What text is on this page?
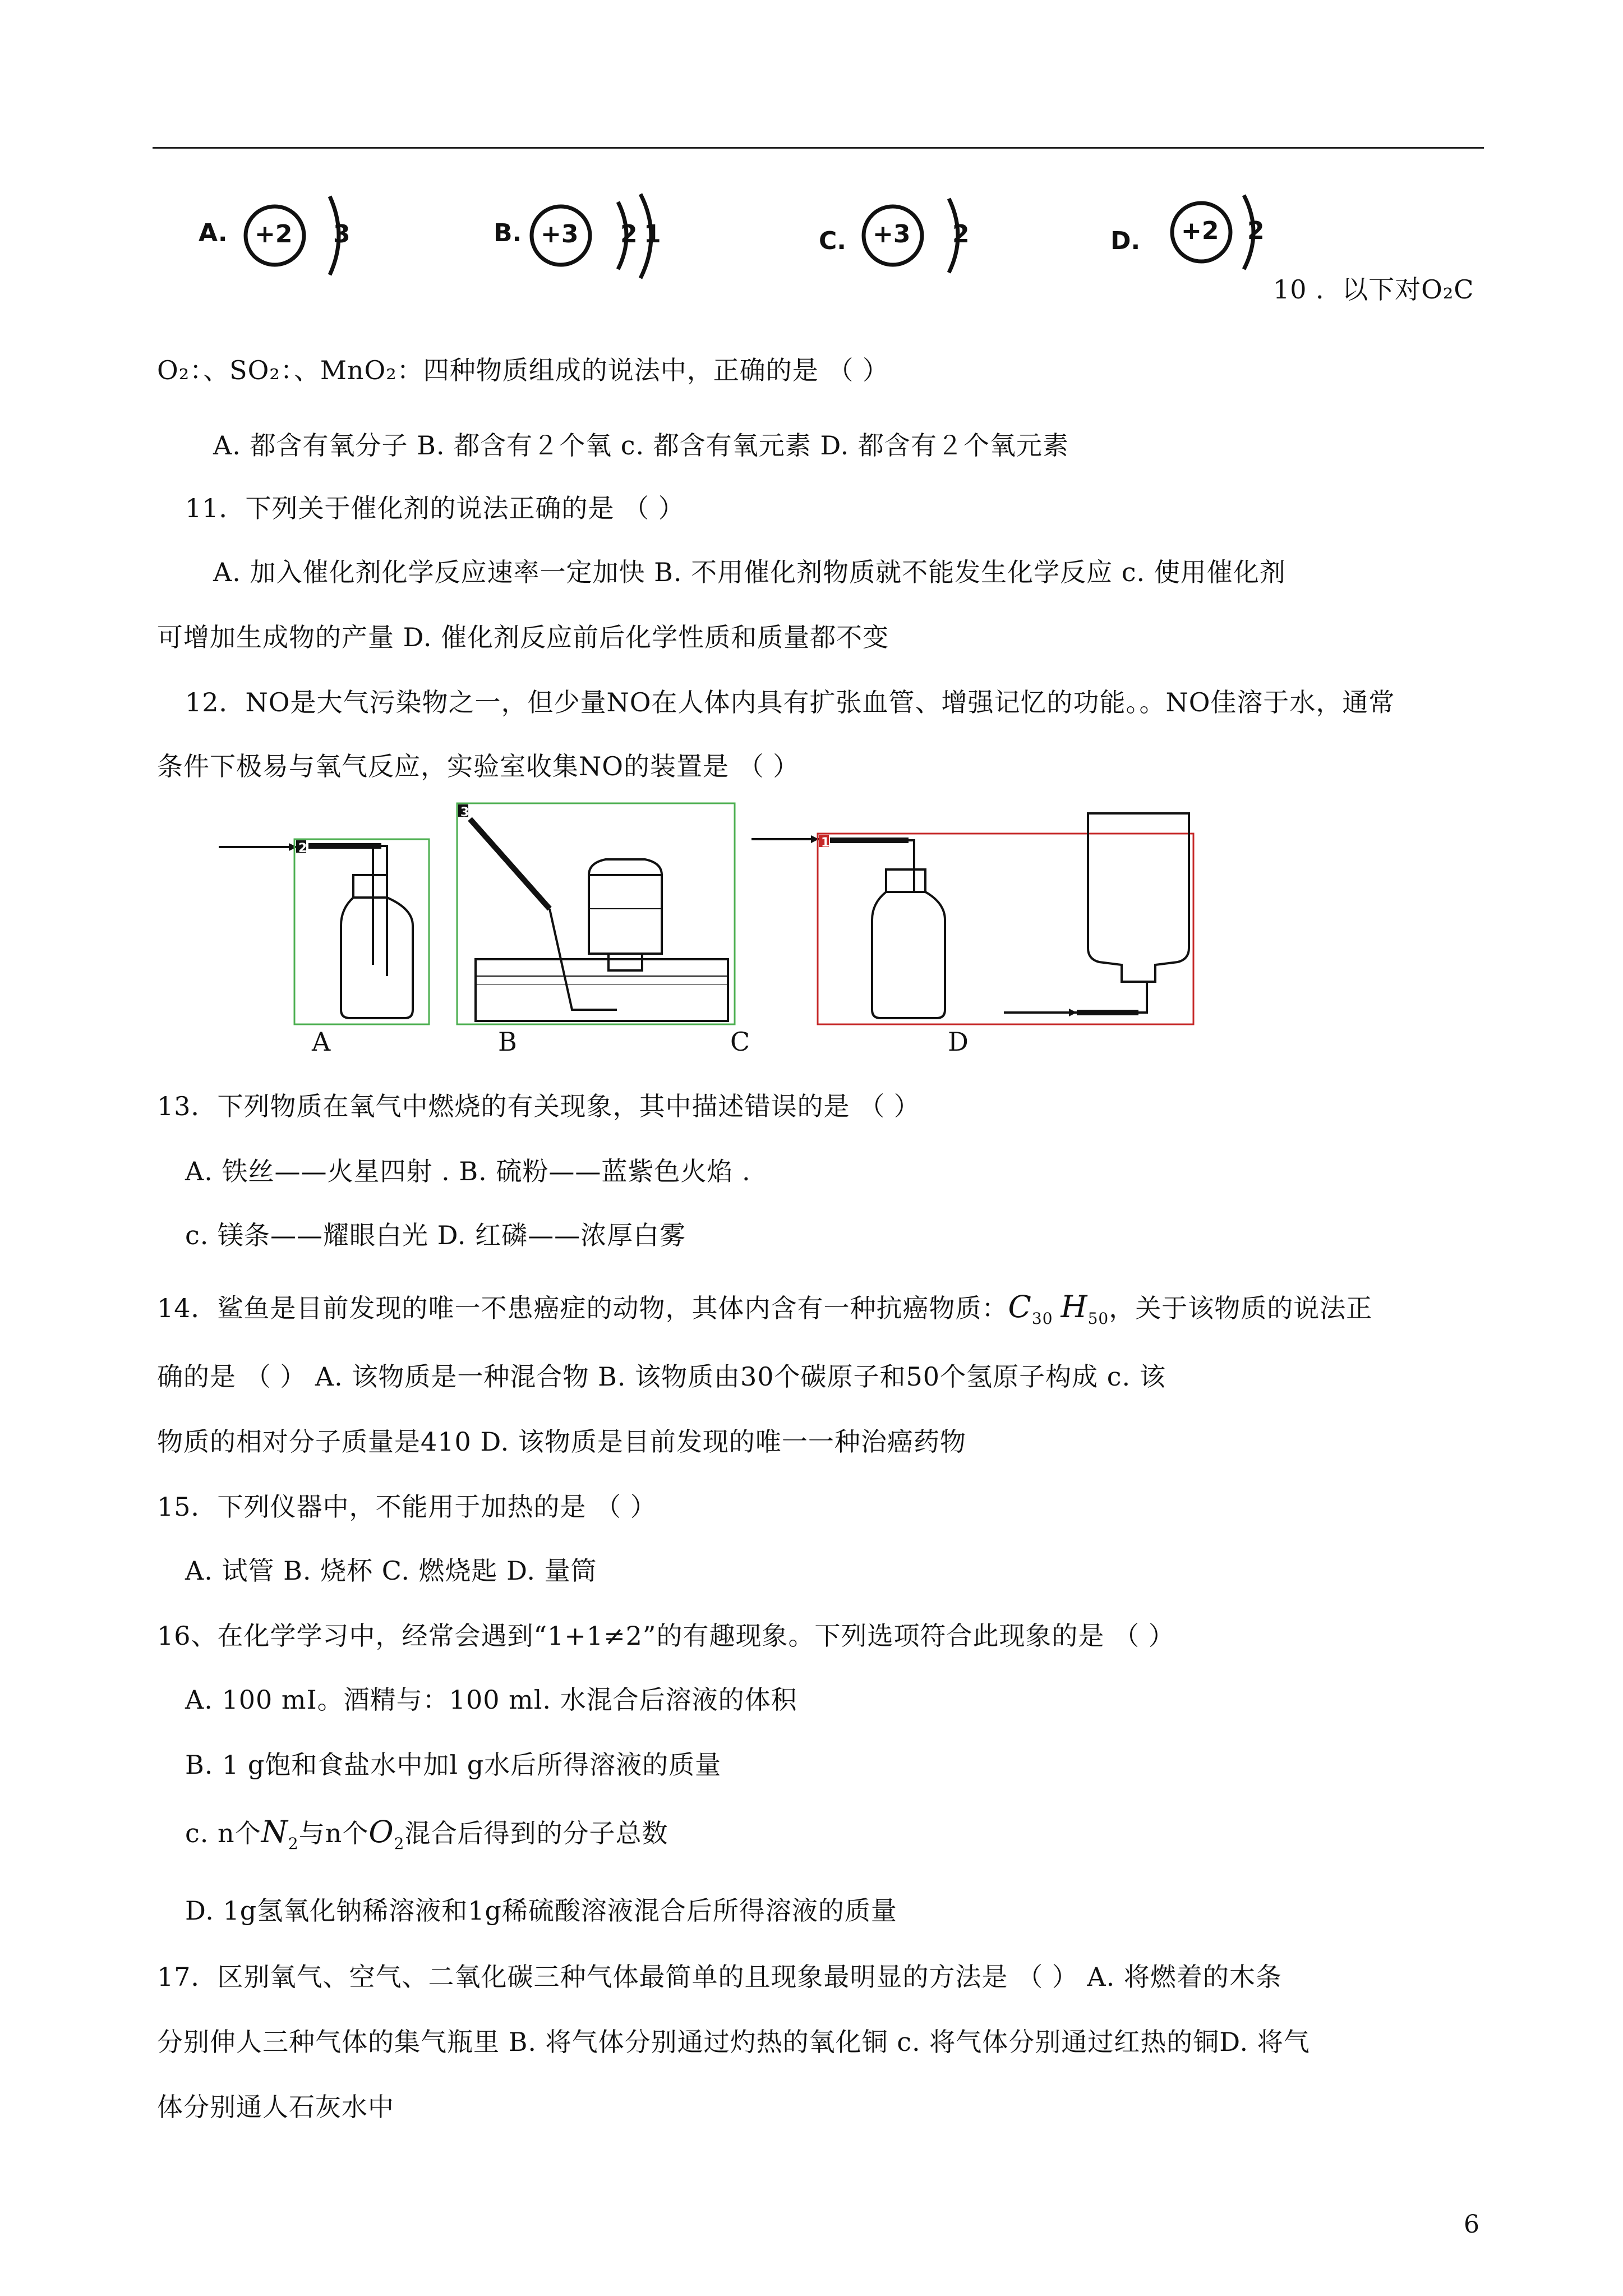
A. +2 3	B. +3 2 1	C. +3 2	D. +2 2
10 ．以下对O₂C
O₂：、SO₂：、MnO₂：四种物质组成的说法中，正确的是 （ ）
A. 都含有氧分子 B. 都含有２个氧 c. 都含有氧元素 D. 都含有２个氧元素
11．下列关于催化剂的说法正确的是 （ ）
A. 加入催化剂化学反应速率一定加快 B. 不用催化剂物质就不能发生化学反应 c. 使用催化剂
可增加生成物的产量 D. 催化剂反应前后化学性质和质量都不变
12．NO是大气污染物之一，但少量NO在人体内具有扩张血管、增强记忆的功能。。NO佳溶于水，通常
条件下极易与氧气反应，实验室收集NO的装置是 （ ）
2
3
1
A	B	C	D
13．下列物质在氧气中燃烧的有关现象，其中描述错误的是 （ ）
A. 铁丝——火星四射 . B. 硫粉——蓝紫色火焰 .
c. 镁条——耀眼白光 D. 红磷——浓厚白雾
14．鲨鱼是目前发现的唯一不患癌症的动物，其体内含有一种抗癌物质：$C_{30}$ $H_{50}$，关于该物质的说法正
确的是 （ ） A. 该物质是一种混合物 B. 该物质由30个碳原子和50个氢原子构成 c. 该
物质的相对分子质量是410 D. 该物质是目前发现的唯一一种治癌药物
15．下列仪器中，不能用于加热的是 （ ）
A. 试管 B. 烧杯 C. 燃烧匙 D. 量筒
16、在化学学习中，经常会遇到“1+1≠2”的有趣现象。下列选项符合此现象的是 （ ）
A. 100 mI。酒精与：100 ml. 水混合后溶液的体积
B. 1 g饱和食盐水中加l g水后所得溶液的质量
c. n个$N_2$与n个$O_2$混合后得到的分子总数
D. 1g氢氧化钠稀溶液和1g稀硫酸溶液混合后所得溶液的质量
17．区别氧气、空气、二氧化碳三种气体最简单的且现象最明显的方法是 （ ） A. 将燃着的木条
分别伸人三种气体的集气瓶里 B. 将气体分别通过灼热的氧化铜 c. 将气体分别通过红热的铜D. 将气
体分别通人石灰水中
6
